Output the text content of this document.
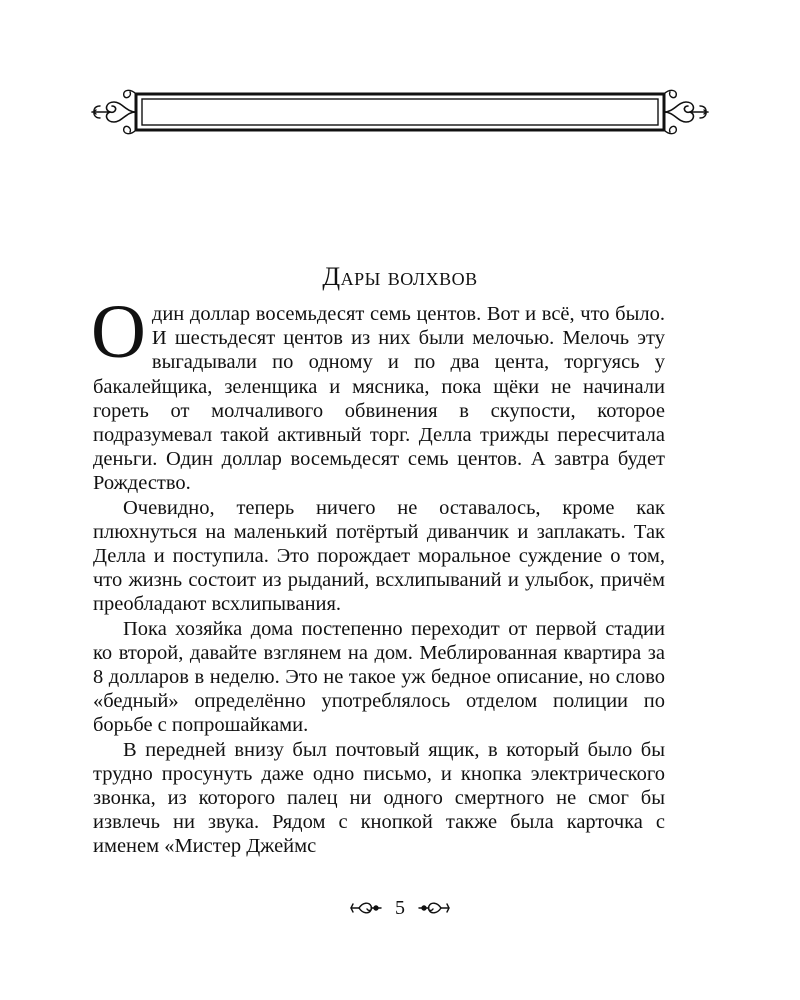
Дары волхвов

Один доллар восемьдесят семь центов. Вот и всё, что было. И шестьдесят центов из них были мелочью. Мелочь эту выгадывали по одному и по два цента, торгуясь у бакалейщика, зеленщика и мясника, пока щёки не начинали гореть от молчаливого обвинения в скупости, которое подразумевал такой активный торг. Делла трижды пересчитала деньги. Один доллар восемьдесят семь центов. А завтра будет Рождество.

Очевидно, теперь ничего не оставалось, кроме как плюхнуться на маленький потёртый диванчик и заплакать. Так Делла и поступила. Это порождает моральное суждение о том, что жизнь состоит из рыданий, всхлипываний и улыбок, причём преобладают всхлипывания.

Пока хозяйка дома постепенно переходит от первой стадии ко второй, давайте взглянем на дом. Меблированная квартира за 8 долларов в неделю. Это не такое уж бедное описание, но слово «бедный» определённо употреблялось отделом полиции по борьбе с попрошайками.

В передней внизу был почтовый ящик, в который было бы трудно просунуть даже одно письмо, и кнопка электрического звонка, из которого палец ни одного смертного не смог бы извлечь ни звука. Рядом с кнопкой также была карточка с именем «Мистер Джеймс

5
